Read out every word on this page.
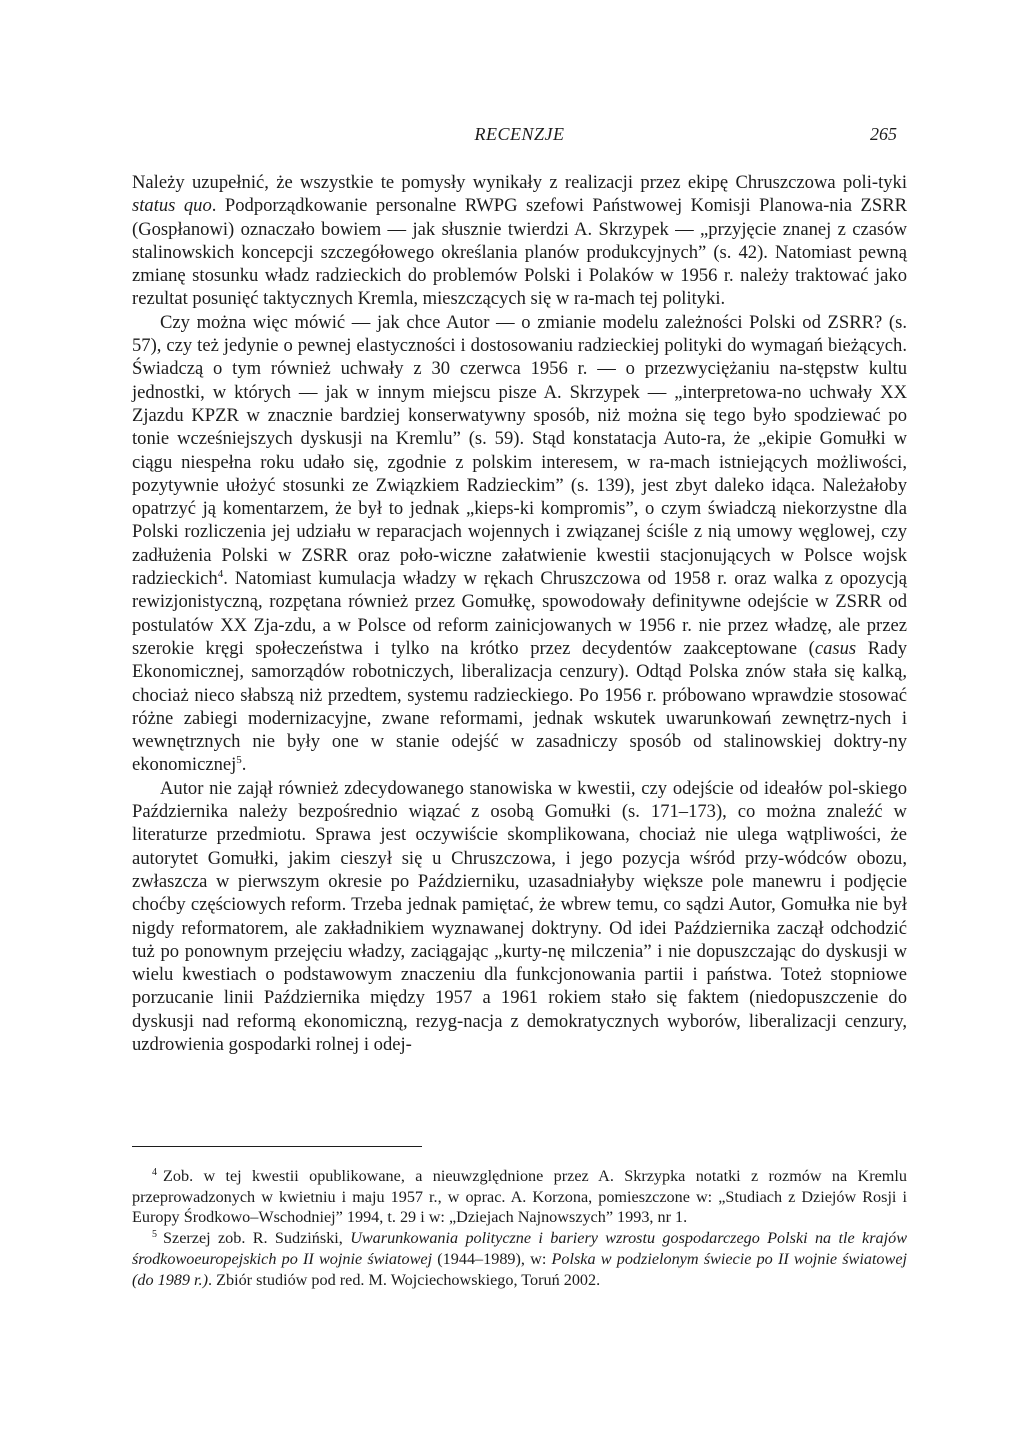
RECENZJE	265

Należy uzupełnić, że wszystkie te pomysły wynikały z realizacji przez ekipę Chruszczowa poli-tyki status quo. Podporządkowanie personalne RWPG szefowi Państwowej Komisji Planowa-nia ZSRR (Gospłanowi) oznaczało bowiem — jak słusznie twierdzi A. Skrzypek — „przyjęcie znanej z czasów stalinowskich koncepcji szczegółowego określania planów produkcyjnych” (s. 42). Natomiast pewną zmianę stosunku władz radzieckich do problemów Polski i Polaków w 1956 r. należy traktować jako rezultat posunięć taktycznych Kremla, mieszczących się w ra-mach tej polityki.

Czy można więc mówić — jak chce Autor — o zmianie modelu zależności Polski od ZSRR? (s. 57), czy też jedynie o pewnej elastyczności i dostosowaniu radzieckiej polityki do wymagań bieżących. Świadczą o tym również uchwały z 30 czerwca 1956 r. — o przezwyciężaniu na-stępstw kultu jednostki, w których — jak w innym miejscu pisze A. Skrzypek — „interpretowa-no uchwały XX Zjazdu KPZR w znacznie bardziej konserwatywny sposób, niż można się tego było spodziewać po tonie wcześniejszych dyskusji na Kremlu” (s. 59). Stąd konstatacja Auto-ra, że „ekipie Gomułki w ciągu niespełna roku udało się, zgodnie z polskim interesem, w ra-mach istniejących możliwości, pozytywnie ułożyć stosunki ze Związkiem Radzieckim” (s. 139), jest zbyt daleko idąca. Należałoby opatrzyć ją komentarzem, że był to jednak „kieps-ki kompromis”, o czym świadczą niekorzystne dla Polski rozliczenia jej udziału w reparacjach wojennych i związanej ściśle z nią umowy węglowej, czy zadłużenia Polski w ZSRR oraz poło-wiczne załatwienie kwestii stacjonujących w Polsce wojsk radzieckich$^4$. Natomiast kumulacja władzy w rękach Chruszczowa od 1958 r. oraz walka z opozycją rewizjonistyczną, rozpętana również przez Gomułkę, spowodowały definitywne odejście w ZSRR od postulatów XX Zja-zdu, a w Polsce od reform zainicjowanych w 1956 r. nie przez władzę, ale przez szerokie kręgi społeczeństwa i tylko na krótko przez decydentów zaakceptowane (casus Rady Ekonomicznej, samorządów robotniczych, liberalizacja cenzury). Odtąd Polska znów stała się kalką, chociaż nieco słabszą niż przedtem, systemu radzieckiego. Po 1956 r. próbowano wprawdzie stosować różne zabiegi modernizacyjne, zwane reformami, jednak wskutek uwarunkowań zewnętrz-nych i wewnętrznych nie były one w stanie odejść w zasadniczy sposób od stalinowskiej doktry-ny ekonomicznej$^5$.

Autor nie zajął również zdecydowanego stanowiska w kwestii, czy odejście od ideałów pol-skiego Października należy bezpośrednio wiązać z osobą Gomułki (s. 171–173), co można znaleźć w literaturze przedmiotu. Sprawa jest oczywiście skomplikowana, chociaż nie ulega wątpliwości, że autorytet Gomułki, jakim cieszył się u Chruszczowa, i jego pozycja wśród przy-wódców obozu, zwłaszcza w pierwszym okresie po Październiku, uzasadniałyby większe pole manewru i podjęcie choćby częściowych reform. Trzeba jednak pamiętać, że wbrew temu, co sądzi Autor, Gomułka nie był nigdy reformatorem, ale zakładnikiem wyznawanej doktryny. Od idei Października zaczął odchodzić tuż po ponownym przejęciu władzy, zaciągając „kurty-nę milczenia” i nie dopuszczając do dyskusji w wielu kwestiach o podstawowym znaczeniu dla funkcjonowania partii i państwa. Toteż stopniowe porzucanie linii Października między 1957 a 1961 rokiem stało się faktem (niedopuszczenie do dyskusji nad reformą ekonomiczną, rezyg-nacja z demokratycznych wyborów, liberalizacji cenzury, uzdrowienia gospodarki rolnej i odej-

$^4$ Zob. w tej kwestii opublikowane, a nieuwzględnione przez A. Skrzypka notatki z rozmów na Kremlu przeprowadzonych w kwietniu i maju 1957 r., w oprac. A. Korzona, pomieszczone w: „Studiach z Dziejów Rosji i Europy Środkowo–Wschodniej” 1994, t. 29 i w: „Dziejach Najnowszych” 1993, nr 1.

$^5$ Szerzej zob. R. Sudziński, Uwarunkowania polityczne i bariery wzrostu gospodarczego Polski na tle krajów środkowoeuropejskich po II wojnie światowej (1944–1989), w: Polska w podzielonym świecie po II wojnie światowej (do 1989 r.). Zbiór studiów pod red. M. Wojciechowskiego, Toruń 2002.
